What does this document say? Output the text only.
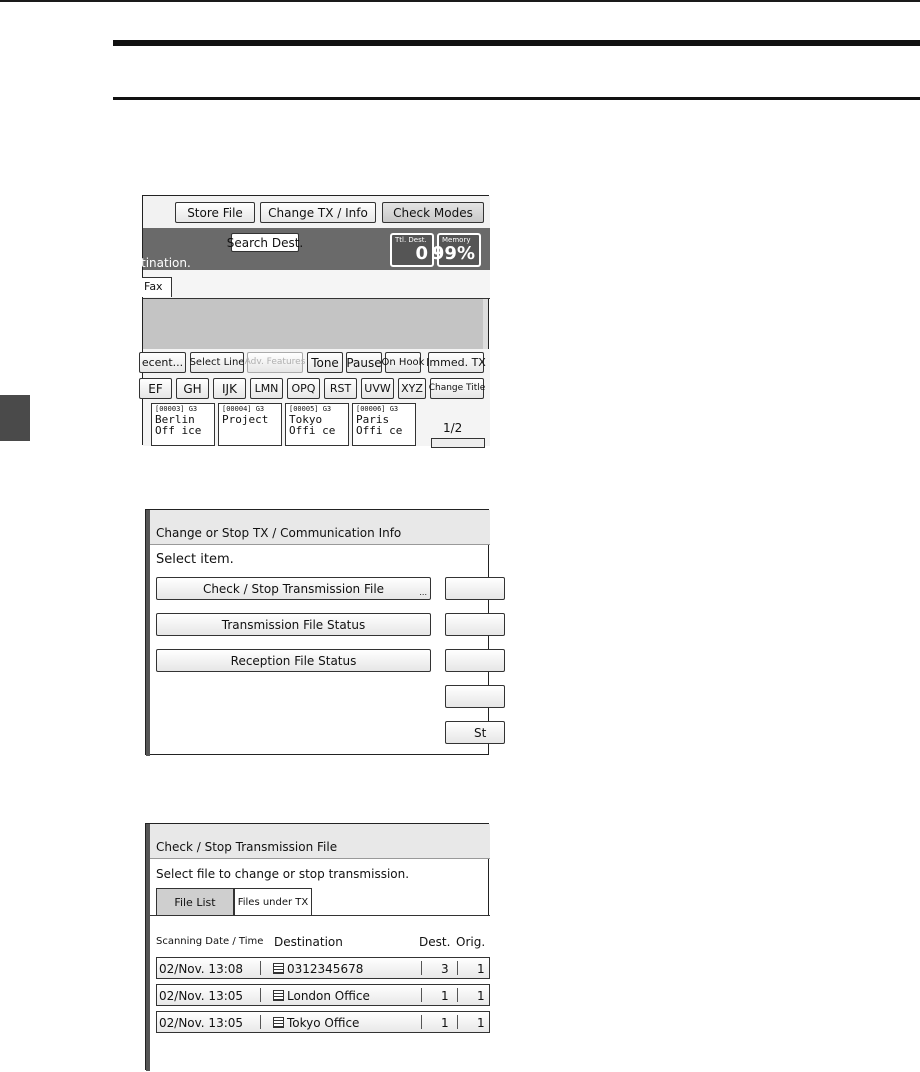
Store File	Change TX / Info	Check Modes
Search Dest.
tination.
Ttl. Dest.
0
Memory
99%
Fax
ecent... Select Line Adv. Features Tone Pause On Hook Immed. TX
EF	GH	IJK	LMN	OPQ	RST	UVW XYZ Change Title
[00003] G3
Berlin Off ice
[00004] G3
Project
[00005] G3
Tokyo Offi ce
[00006] G3
Paris Offi ce	1/2
Change or Stop TX / Communication Info
Select item.
Check / Stop Transmission File	...
Transmission File Status
Reception File Status
St
Check / Stop Transmission File
Select file to change or stop transmission.
File List	Files under TX
Scanning Date / Time Destination	Dest. Orig.
02/Nov. 13:08	0312345678	3 1
02/Nov. 13:05	London Office	1 1
02/Nov. 13:05	Tokyo Office	1 1
